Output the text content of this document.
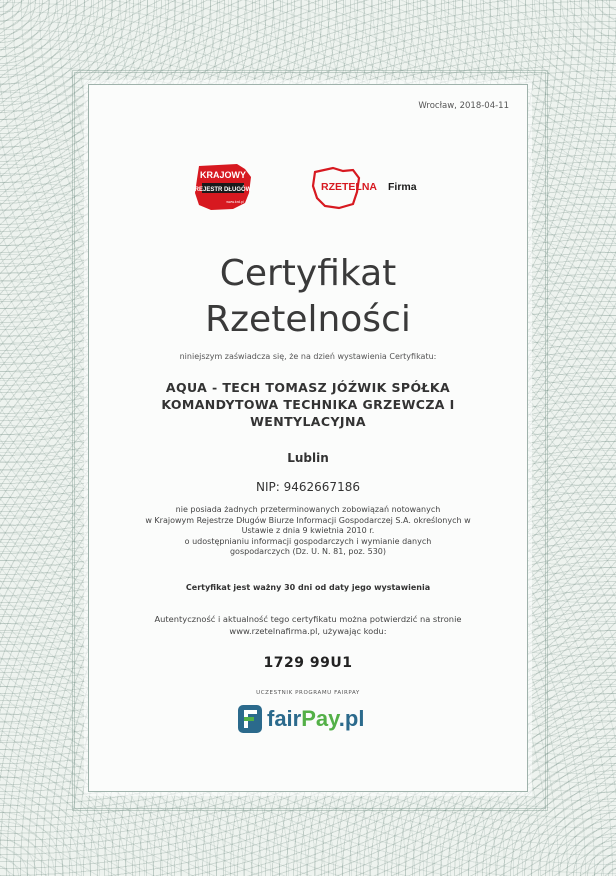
Wrocław, 2018-04-11
KRAJOWY
REJESTR DŁUGÓW
www.krd.pl
RZETELNA Firma
Certyfikat
Rzetelności
niniejszym zaświadcza się, że na dzień wystawienia Certyfikatu:
AQUA - TECH TOMASZ JÓŹWIK SPÓŁKA KOMANDYTOWA TECHNIKA GRZEWCZA I WENTYLACYJNA
Lublin
NIP: 9462667186
nie posiada żadnych przeterminowanych zobowiązań notowanych
w Krajowym Rejestrze Długów Biurze Informacji Gospodarczej S.A. określonych w
Ustawie z dnia 9 kwietnia 2010 r.
o udostępnianiu informacji gospodarczych i wymianie danych
gospodarczych (Dz. U. N. 81, poz. 530)
Certyfikat jest ważny 30 dni od daty jego wystawienia
Autentyczność i aktualność tego certyfikatu można potwierdzić na stronie
www.rzetelnafirma.pl, używając kodu:
1729 99U1
UCZESTNIK PROGRAMU FAIRPAY
fairPay.pl
